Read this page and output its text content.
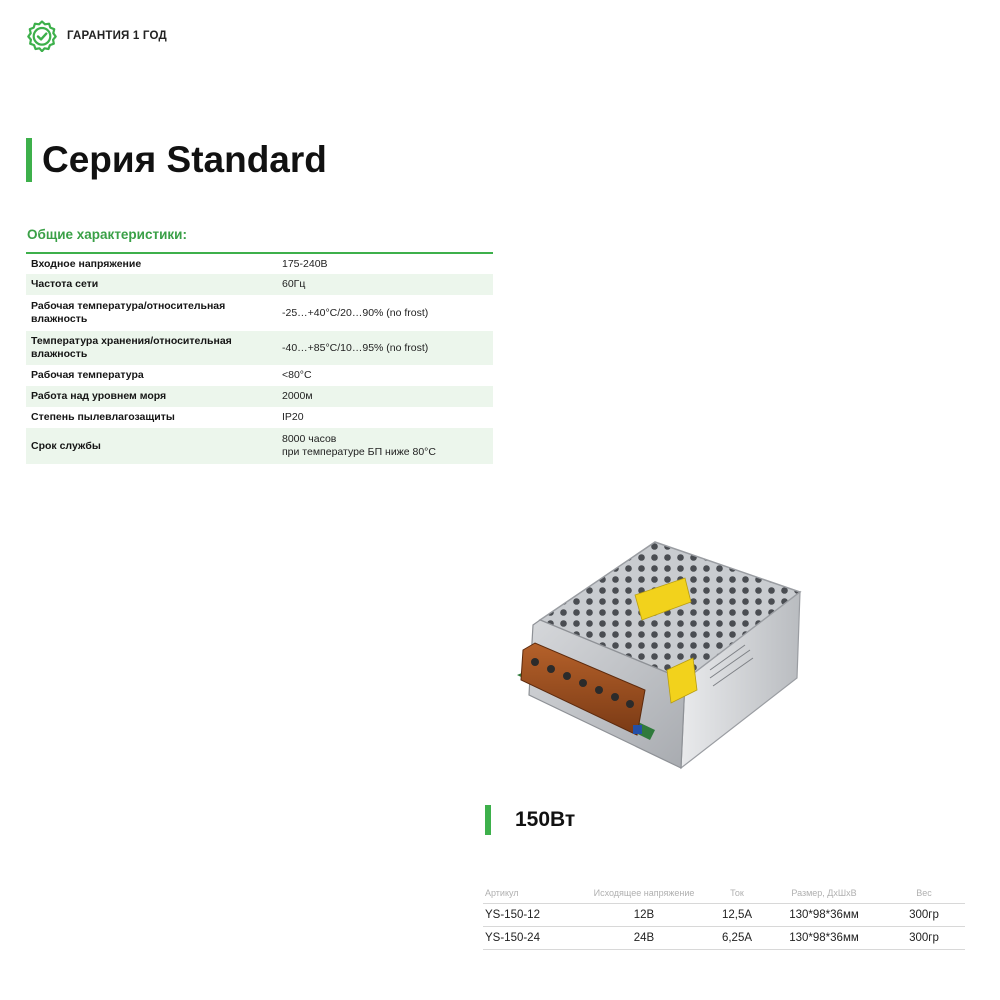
ГАРАНТИЯ 1 ГОД
Серия Standard
Общие характеристики:
Входное напряжение	175-240В
Частота сети	60Гц
Рабочая температура/относительная влажность	-25…+40°C/20…90% (no frost)
Температура хранения/относительная влажность	-40…+85°C/10…95% (no frost)
Рабочая температура	<80°C
Работа над уровнем моря	2000м
Степень пылевлагозащиты	IP20
Срок службы	8000 часов
при температуре БП ниже 80°C
150Вт
Артикул	Исходящее напряжение	Ток	Размер, ДхШхВ	Вес
YS-150-12	12В	12,5А	130*98*36мм	300гр
YS-150-24	24В	6,25А	130*98*36мм	300гр
